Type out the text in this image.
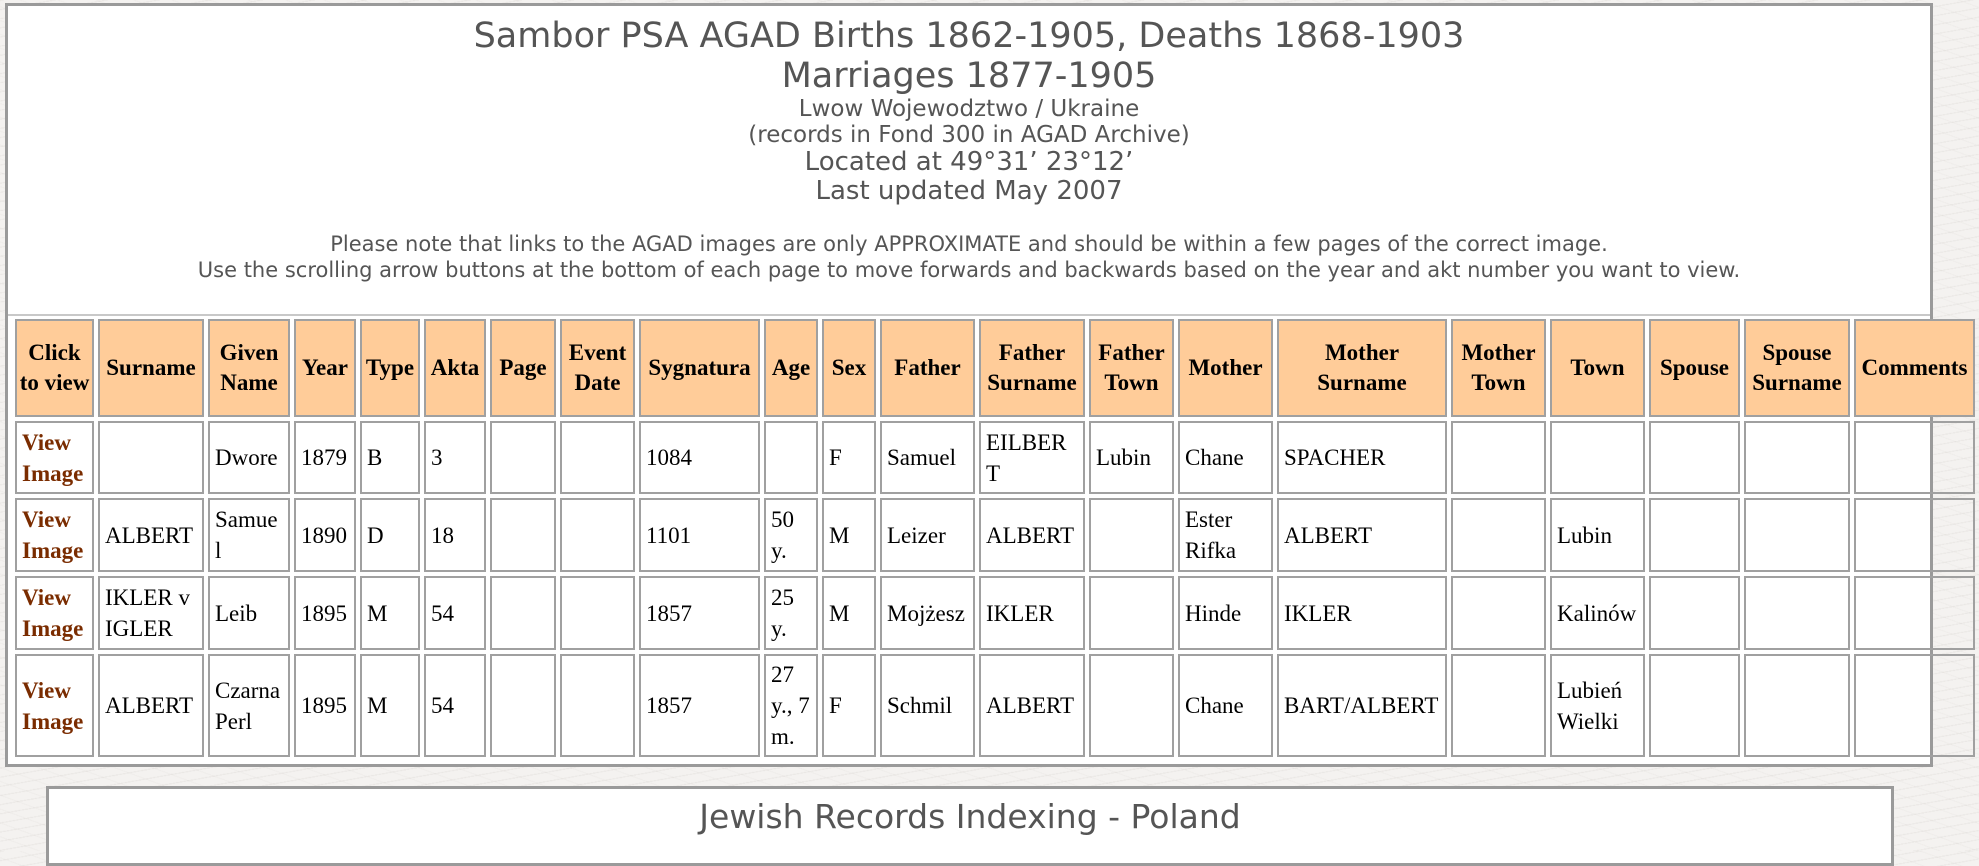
Sambor PSA AGAD Births 1862-1905, Deaths 1868-1903
Marriages 1877-1905
Lwow Wojewodztwo / Ukraine
(records in Fond 300 in AGAD Archive)
Located at 49°31’ 23°12’
Last updated May 2007
Please note that links to the AGAD images are only APPROXIMATE and should be within a few pages of the correct image.
Use the scrolling arrow buttons at the bottom of each page to move forwards and backwards based on the year and akt number you want to view.
Click to view	Surname	Given Name	Year	Type	Akta	Page	Event Date	Sygnatura	Age	Sex	Father	Father Surname	Father Town	Mother	Mother Surname	Mother Town	Town	Spouse	Spouse Surname	Comments
View Image		Dwore	1879	B	3			1084		F	Samuel	EILBERT	Lubin	Chane	SPACHER					
View Image	ALBERT	Samuel	1890	D	18			1101	50 y.	M	Leizer	ALBERT		Ester Rifka	ALBERT		Lubin			
View Image	IKLER v IGLER	Leib	1895	M	54			1857	25 y.	M	Mojżesz	IKLER		Hinde	IKLER		Kalinów			
View Image	ALBERT	Czarna Perl	1895	M	54			1857	27 y., 7 m.	F	Schmil	ALBERT		Chane	BART/ALBERT		Lubień Wielki			
Jewish Records Indexing - Poland
